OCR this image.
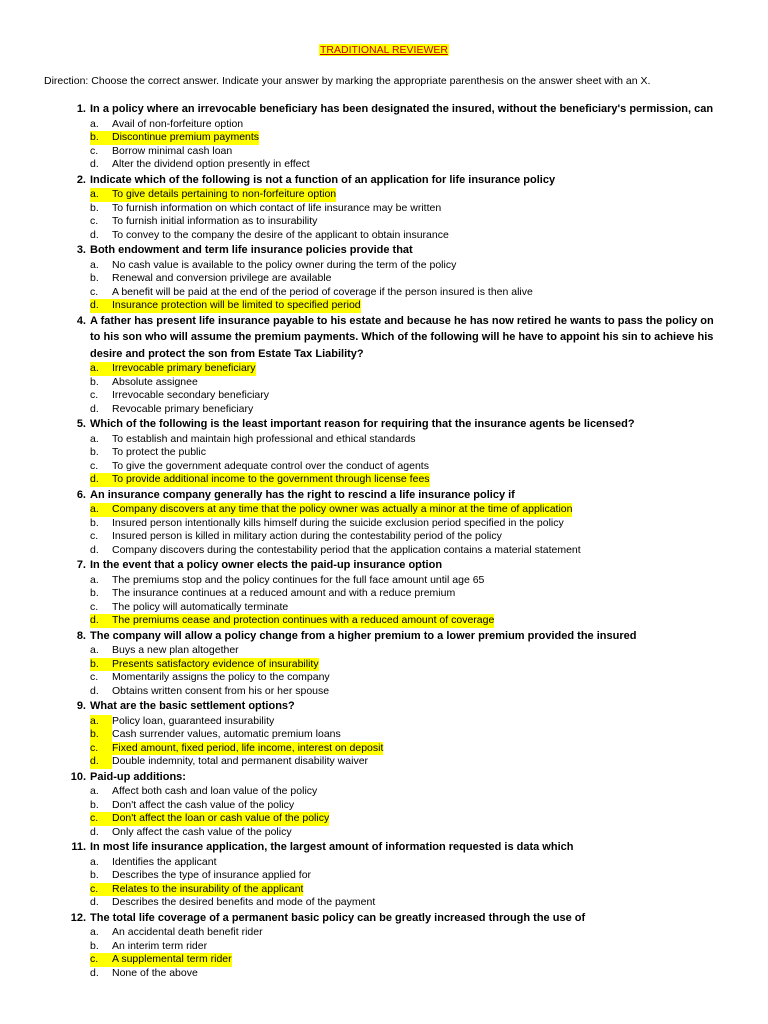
TRADITIONAL REVIEWER
Direction: Choose the correct answer. Indicate your answer by marking the appropriate parenthesis on the answer sheet with an X.
1. In a policy where an irrevocable beneficiary has been designated the insured, without the beneficiary's permission, can
a.	Avail of non-forfeiture option
b.	Discontinue premium payments
c.	Borrow minimal cash loan
d.	Alter the dividend option presently in effect
2. Indicate which of the following is not a function of an application for life insurance policy
a.	To give details pertaining to non-forfeiture option
b.	To furnish information on which contact of life insurance may be written
c.	To furnish initial information as to insurability
d.	To convey to the company the desire of the applicant to obtain insurance
3. Both endowment and term life insurance policies provide that
a.	No cash value is available to the policy owner during the term of the policy
b.	Renewal and conversion privilege are available
c.	A benefit will be paid at the end of the period of coverage if the person insured is then alive
d.	Insurance protection will be limited to specified period
4. A father has present life insurance payable to his estate and because he has now retired he wants to pass the policy on to his son who will assume the premium payments. Which of the following will he have to appoint his sin to achieve his desire and protect the son from Estate Tax Liability?
a.	Irrevocable primary beneficiary
b.	Absolute assignee
c.	Irrevocable secondary beneficiary
d.	Revocable primary beneficiary
5. Which of the following is the least important reason for requiring that the insurance agents be licensed?
a.	To establish and maintain high professional and ethical standards
b.	To protect the public
c.	To give the government adequate control over the conduct of agents
d.	To provide additional income to the government through license fees
6. An insurance company generally has the right to rescind a life insurance policy if
a.	Company discovers at any time that the policy owner was actually a minor at the time of application
b.	Insured person intentionally kills himself during the suicide exclusion period specified in the policy
c.	Insured person is killed in military action during the contestability period of the policy
d.	Company discovers during the contestability period that the application contains a material statement
7. In the event that a policy owner elects the paid-up insurance option
a.	The premiums stop and the policy continues for the full face amount until age 65
b.	The insurance continues at a reduced amount and with a reduce premium
c.	The policy will automatically terminate
d.	The premiums cease and protection continues with a reduced amount of coverage
8. The company will allow a policy change from a higher premium to a lower premium provided the insured
a.	Buys a new plan altogether
b.	Presents satisfactory evidence of insurability
c.	Momentarily assigns the policy to the company
d.	Obtains written consent from his or her spouse
9. What are the basic settlement options?
a.	Policy loan, guaranteed insurability
b.	Cash surrender values, automatic premium loans
c.	Fixed amount, fixed period, life income, interest on deposit
d.	Double indemnity, total and permanent disability waiver
10. Paid-up additions:
a.	Affect both cash and loan value of the policy
b.	Don't affect the cash value of the policy
c.	Don't affect the loan or cash value of the policy
d.	Only affect the cash value of the policy
11. In most life insurance application, the largest amount of information requested is data which
a.	Identifies the applicant
b.	Describes the type of insurance applied for
c.	Relates to the insurability of the applicant
d.	Describes the desired benefits and mode of the payment
12. The total life coverage of a permanent basic policy can be greatly increased through the use of
a.	An accidental death benefit rider
b.	An interim term rider
c.	A supplemental term rider
d.	None of the above
